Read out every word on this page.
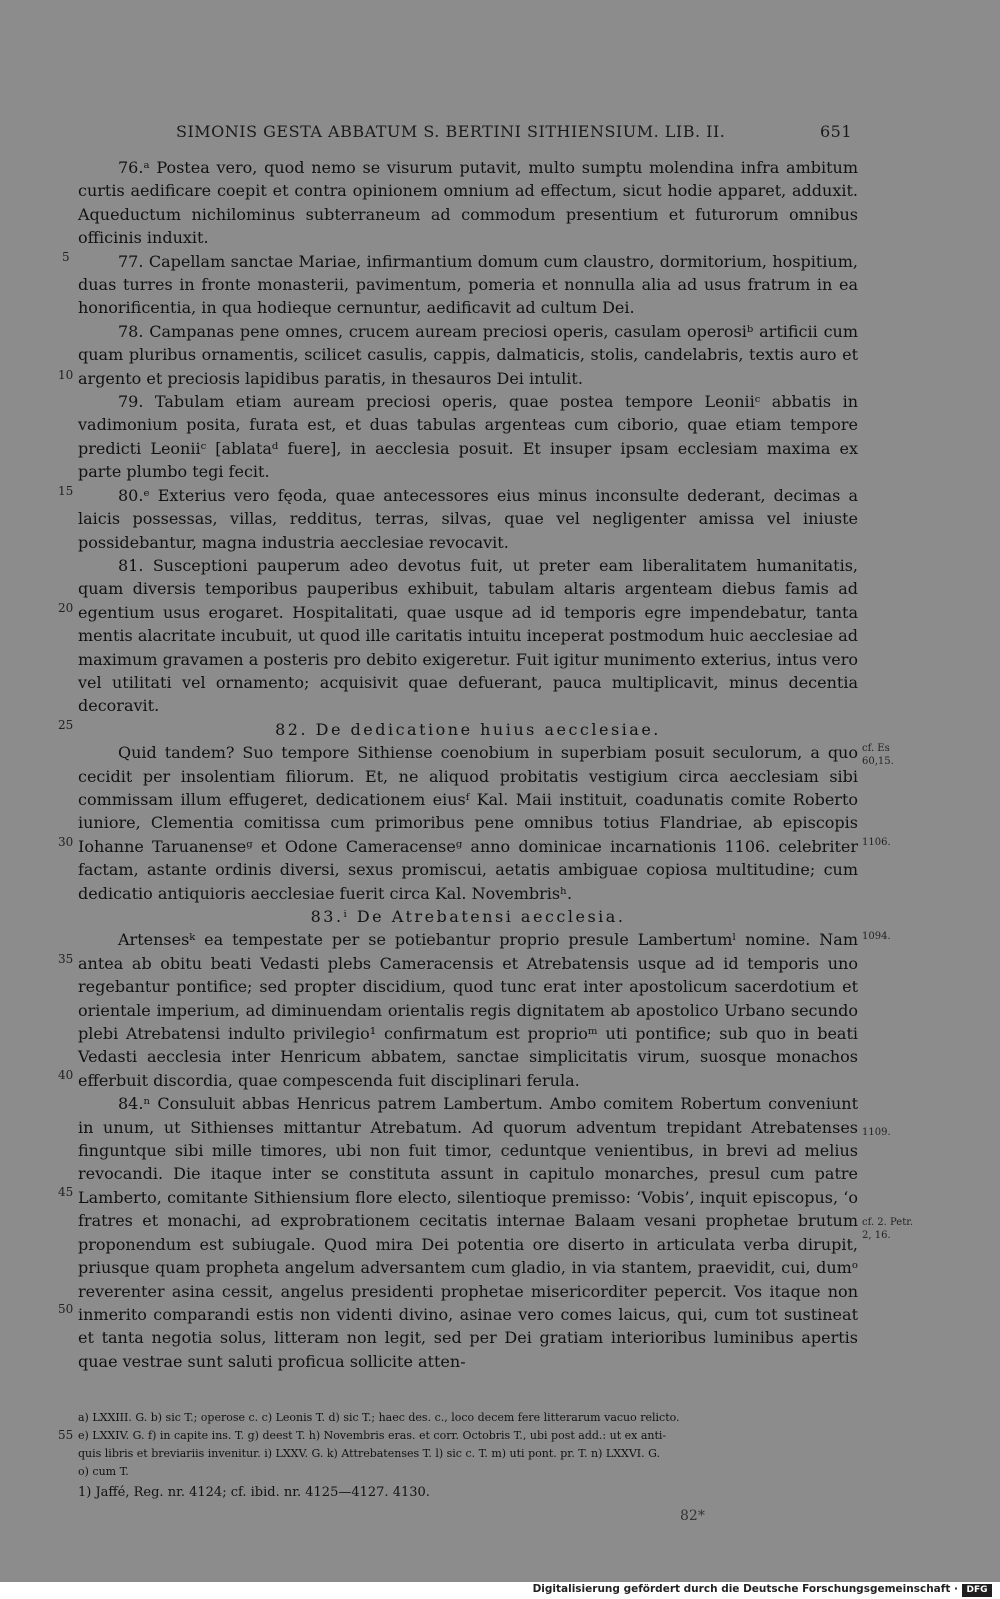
SIMONIS GESTA ABBATUM S. BERTINI SITHIENSIUM. LIB. II.	651
5
10
15
20
25
30
35
40
45
50
55
cf. Es 60,15.
1106.
1094.
1109.
cf. 2. Petr. 2, 16.

76.ᵃ Postea vero, quod nemo se visurum putavit, multo sumptu molendina infra ambitum curtis aedificare coepit et contra opinionem omnium ad effectum, sicut hodie apparet, adduxit. Aqueductum nichilominus subterraneum ad commodum presentium et futurorum omnibus officinis induxit.

77. Capellam sanctae Mariae, infirmantium domum cum claustro, dormitorium, hospitium, duas turres in fronte monasterii, pavimentum, pomeria et nonnulla alia ad usus fratrum in ea honorificentia, in qua hodieque cernuntur, aedificavit ad cultum Dei.

78. Campanas pene omnes, crucem auream preciosi operis, casulam operosiᵇ artificii cum quam pluribus ornamentis, scilicet casulis, cappis, dalmaticis, stolis, candelabris, textis auro et argento et preciosis lapidibus paratis, in thesauros Dei intulit.

79. Tabulam etiam auream preciosi operis, quae postea tempore Leoniiᶜ abbatis in vadimonium posita, furata est, et duas tabulas argenteas cum ciborio, quae etiam tempore predicti Leoniiᶜ [ablataᵈ fuere], in aecclesia posuit. Et insuper ipsam ecclesiam maxima ex parte plumbo tegi fecit.

80.ᵉ Exterius vero fęoda, quae antecessores eius minus inconsulte dederant, decimas a laicis possessas, villas, redditus, terras, silvas, quae vel negligenter amissa vel iniuste possidebantur, magna industria aecclesiae revocavit.

81. Susceptioni pauperum adeo devotus fuit, ut preter eam liberalitatem humanitatis, quam diversis temporibus pauperibus exhibuit, tabulam altaris argenteam diebus famis ad egentium usus erogaret. Hospitalitati, quae usque ad id temporis egre impendebatur, tanta mentis alacritate incubuit, ut quod ille caritatis intuitu inceperat postmodum huic aecclesiae ad maximum gravamen a posteris pro debito exigeretur. Fuit igitur munimento exterius, intus vero vel utilitati vel ornamento; acquisivit quae defuerant, pauca multiplicavit, minus decentia decoravit.

82. De dedicatione huius aecclesiae.

Quid tandem? Suo tempore Sithiense coenobium in superbiam posuit seculorum, a quo cecidit per insolentiam filiorum. Et, ne aliquod probitatis vestigium circa aecclesiam sibi commissam illum effugeret, dedicationem eiusᶠ Kal. Maii instituit, coadunatis comite Roberto iuniore, Clementia comitissa cum primoribus pene omnibus totius Flandriae, ab episcopis Iohanne Taruanenseᵍ et Odone Cameracenseᵍ anno dominicae incarnationis 1106. celebriter factam, astante ordinis diversi, sexus promiscui, aetatis ambiguae copiosa multitudine; cum dedicatio antiquioris aecclesiae fuerit circa Kal. Novembrisʰ.

83.ⁱ De Atrebatensi aecclesia.

Artensesᵏ ea tempestate per se potiebantur proprio presule Lambertumˡ nomine. Nam antea ab obitu beati Vedasti plebs Cameracensis et Atrebatensis usque ad id temporis uno regebantur pontifice; sed propter discidium, quod tunc erat inter apostolicum sacerdotium et orientale imperium, ad diminuendam orientalis regis dignitatem ab apostolico Urbano secundo plebi Atrebatensi indulto privilegio¹ confirmatum est proprioᵐ uti pontifice; sub quo in beati Vedasti aecclesia inter Henricum abbatem, sanctae simplicitatis virum, suosque monachos efferbuit discordia, quae compescenda fuit disciplinari ferula.

84.ⁿ Consuluit abbas Henricus patrem Lambertum. Ambo comitem Robertum conveniunt in unum, ut Sithienses mittantur Atrebatum. Ad quorum adventum trepidant Atrebatenses finguntque sibi mille timores, ubi non fuit timor, ceduntque venientibus, in brevi ad melius revocandi. Die itaque inter se constituta assunt in capitulo monarches, presul cum patre Lamberto, comitante Sithiensium flore electo, silentioque premisso: ‘Vobis’, inquit episcopus, ‘o fratres et monachi, ad exprobrationem cecitatis internae Balaam vesani prophetae brutum proponendum est subiugale. Quod mira Dei potentia ore diserto in articulata verba dirupit, priusque quam propheta angelum adversantem cum gladio, in via stantem, praevidit, cui, dumᵒ reverenter asina cessit, angelus presidenti prophetae misericorditer pepercit. Vos itaque non inmerito comparandi estis non videnti divino, asinae vero comes laicus, qui, cum tot sustineat et tanta negotia solus, litteram non legit, sed per Dei gratiam interioribus luminibus apertis quae vestrae sunt saluti proficua sollicite atten-

a) LXXIII. G. b) sic T.; operose c. c) Leonis T. d) sic T.; haec des. c., loco decem fere litterarum vacuo relicto.

e) LXXIV. G. f) in capite ins. T. g) deest T. h) Novembris eras. et corr. Octobris T., ubi post add.: ut ex anti-

quis libris et breviariis invenitur. i) LXXV. G. k) Attrebatenses T. l) sic c. T. m) uti pont. pr. T. n) LXXVI. G.

o) cum T.

1) Jaffé, Reg. nr. 4124; cf. ibid. nr. 4125—4127. 4130.
82*
Digitalisierung gefördert durch die Deutsche Forschungsgemeinschaft · DFG
